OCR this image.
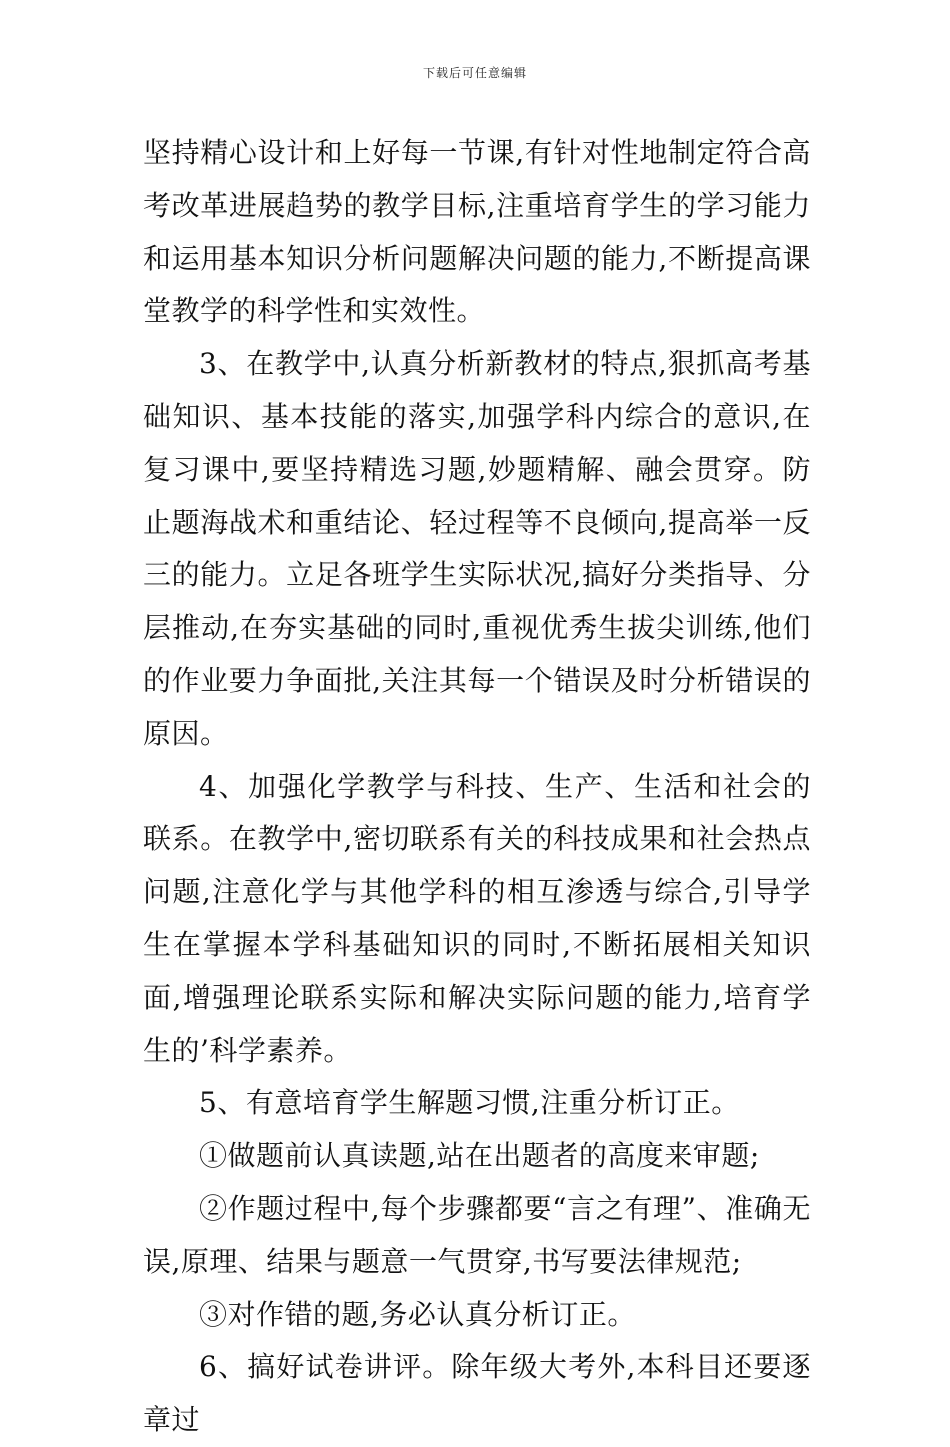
下载后可任意编辑

坚持精心设计和上好每一节课,有针对性地制定符合高考改革进展趋势的教学目标,注重培育学生的学习能力和运用基本知识分析问题解决问题的能力,不断提高课堂教学的科学性和实效性。

3、在教学中,认真分析新教材的特点,狠抓高考基础知识、基本技能的落实,加强学科内综合的意识,在复习课中,要坚持精选习题,妙题精解、融会贯穿。防止题海战术和重结论、轻过程等不良倾向,提高举一反三的能力。立足各班学生实际状况,搞好分类指导、分层推动,在夯实基础的同时,重视优秀生拔尖训练,他们的作业要力争面批,关注其每一个错误及时分析错误的原因。

4、加强化学教学与科技、生产、生活和社会的联系。在教学中,密切联系有关的科技成果和社会热点问题,注意化学与其他学科的相互渗透与综合,引导学生在掌握本学科基础知识的同时,不断拓展相关知识面,增强理论联系实际和解决实际问题的能力,培育学生的’科学素养。

5、有意培育学生解题习惯,注重分析订正。

①做题前认真读题,站在出题者的高度来审题;

②作题过程中,每个步骤都要“言之有理”、准确无误,原理、结果与题意一气贯穿,书写要法律规范;

③对作错的题,务必认真分析订正。

6、搞好试卷讲评。除年级大考外,本科目还要逐章过
